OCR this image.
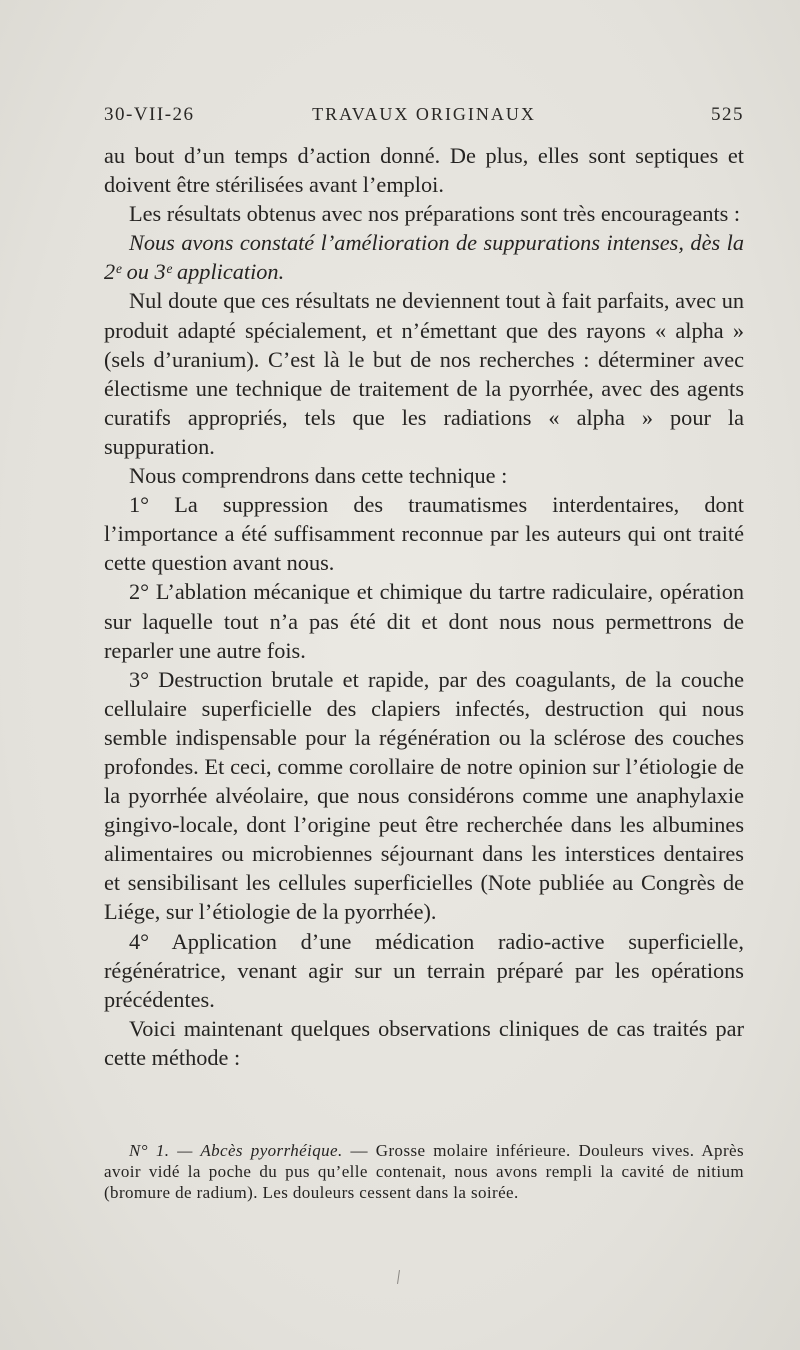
30-VII-26	TRAVAUX ORIGINAUX	525

au bout d’un temps d’action donné. De plus, elles sont septiques et doivent être stérilisées avant l’emploi.

Les résultats obtenus avec nos préparations sont très encourageants :

Nous avons constaté l’amélioration de suppurations intenses, dès la 2ᵉ ou 3ᵉ application.

Nul doute que ces résultats ne deviennent tout à fait parfaits, avec un produit adapté spécialement, et n’émettant que des rayons « alpha » (sels d’uranium). C’est là le but de nos recherches : déterminer avec électisme une technique de traitement de la pyorrhée, avec des agents curatifs appropriés, tels que les radiations « alpha » pour la suppuration.

Nous comprendrons dans cette technique :

1° La suppression des traumatismes interdentaires, dont l’importance a été suffisamment reconnue par les auteurs qui ont traité cette question avant nous.

2° L’ablation mécanique et chimique du tartre radiculaire, opération sur laquelle tout n’a pas été dit et dont nous nous permettrons de reparler une autre fois.

3° Destruction brutale et rapide, par des coagulants, de la couche cellulaire superficielle des clapiers infectés, destruction qui nous semble indispensable pour la régénération ou la sclérose des couches profondes. Et ceci, comme corollaire de notre opinion sur l’étiologie de la pyorrhée alvéolaire, que nous considérons comme une anaphylaxie gingivo-locale, dont l’origine peut être recherchée dans les albumines alimentaires ou microbiennes séjournant dans les interstices dentaires et sensibilisant les cellules superficielles (Note publiée au Congrès de Liége, sur l’étiologie de la pyorrhée).

4° Application d’une médication radio-active superficielle, régénératrice, venant agir sur un terrain préparé par les opérations précédentes.

Voici maintenant quelques observations cliniques de cas traités par cette méthode :

N° 1. — Abcès pyorrhéique. — Grosse molaire inférieure. Douleurs vives. Après avoir vidé la poche du pus qu’elle contenait, nous avons rempli la cavité de nitium (bromure de radium). Les douleurs cessent dans la soirée.
